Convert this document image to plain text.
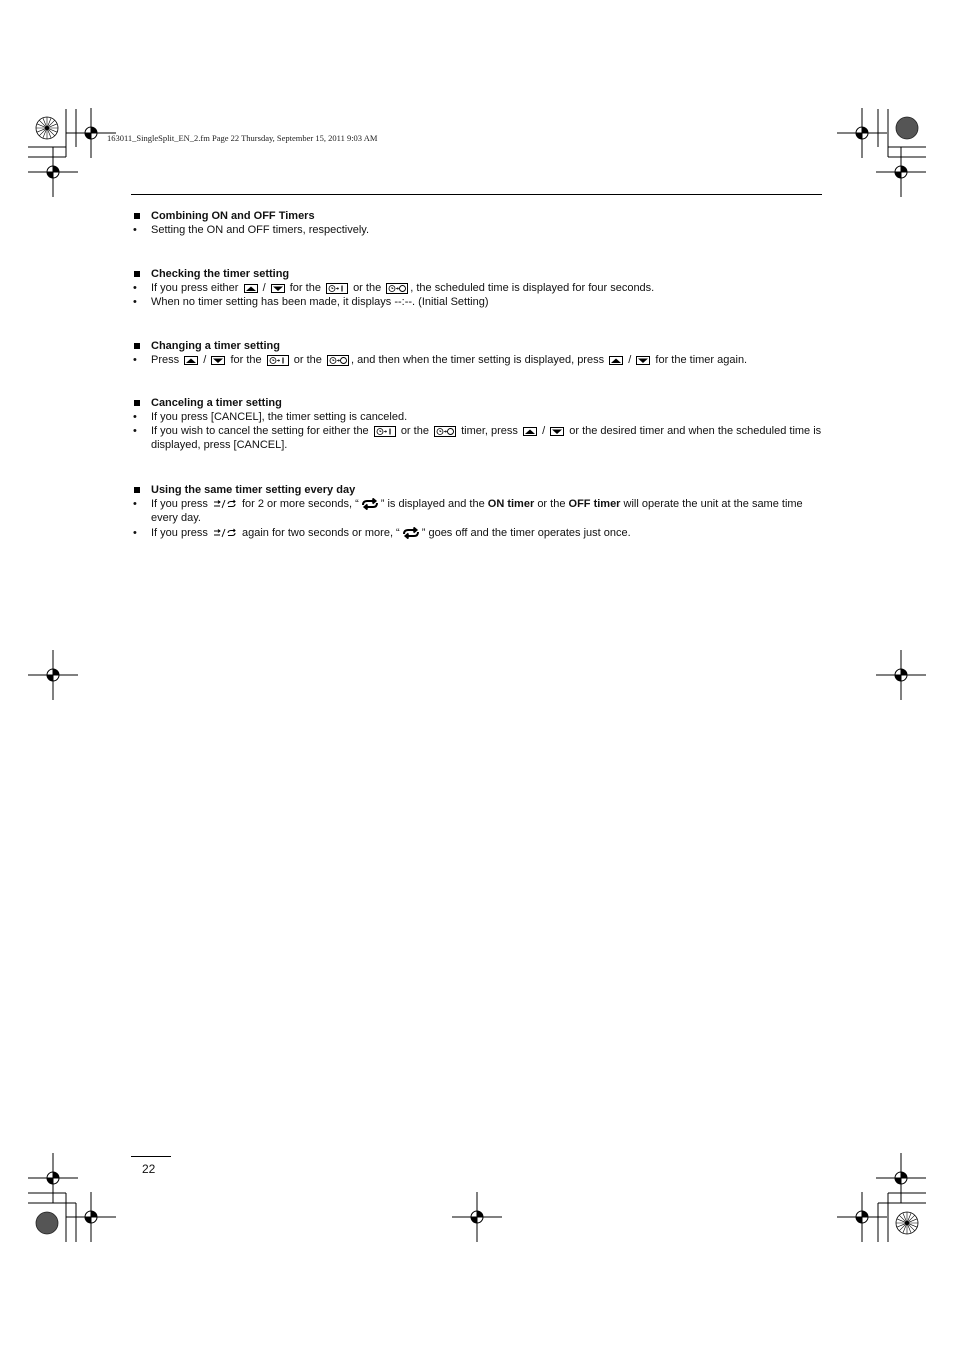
163011_SingleSplit_EN_2.fm Page 22 Thursday, September 15, 2011 9:03 AM
Combining ON and OFF Timers
• Setting the ON and OFF timers, respectively.
Checking the timer setting
• If you press either / for the	or the	, the scheduled time is displayed for four seconds.
• When no timer setting has been made, it displays --:--. (Initial Setting)
Changing a timer setting
• Press / for the	or the	, and then when the timer setting is displayed, press / for the timer again.
Canceling a timer setting
• If you press [CANCEL], the timer setting is canceled.
• If you wish to cancel the setting for either the	or the	timer, press / or the desired timer and when the scheduled time is displayed, press [CANCEL].
Using the same timer setting every day
• If you press	for 2 or more seconds, “ ” is displayed and the ON timer or the OFF timer will operate the unit at the same time every day.
• If you press	again for two seconds or more, “ ” goes off and the timer operates just once.
22
